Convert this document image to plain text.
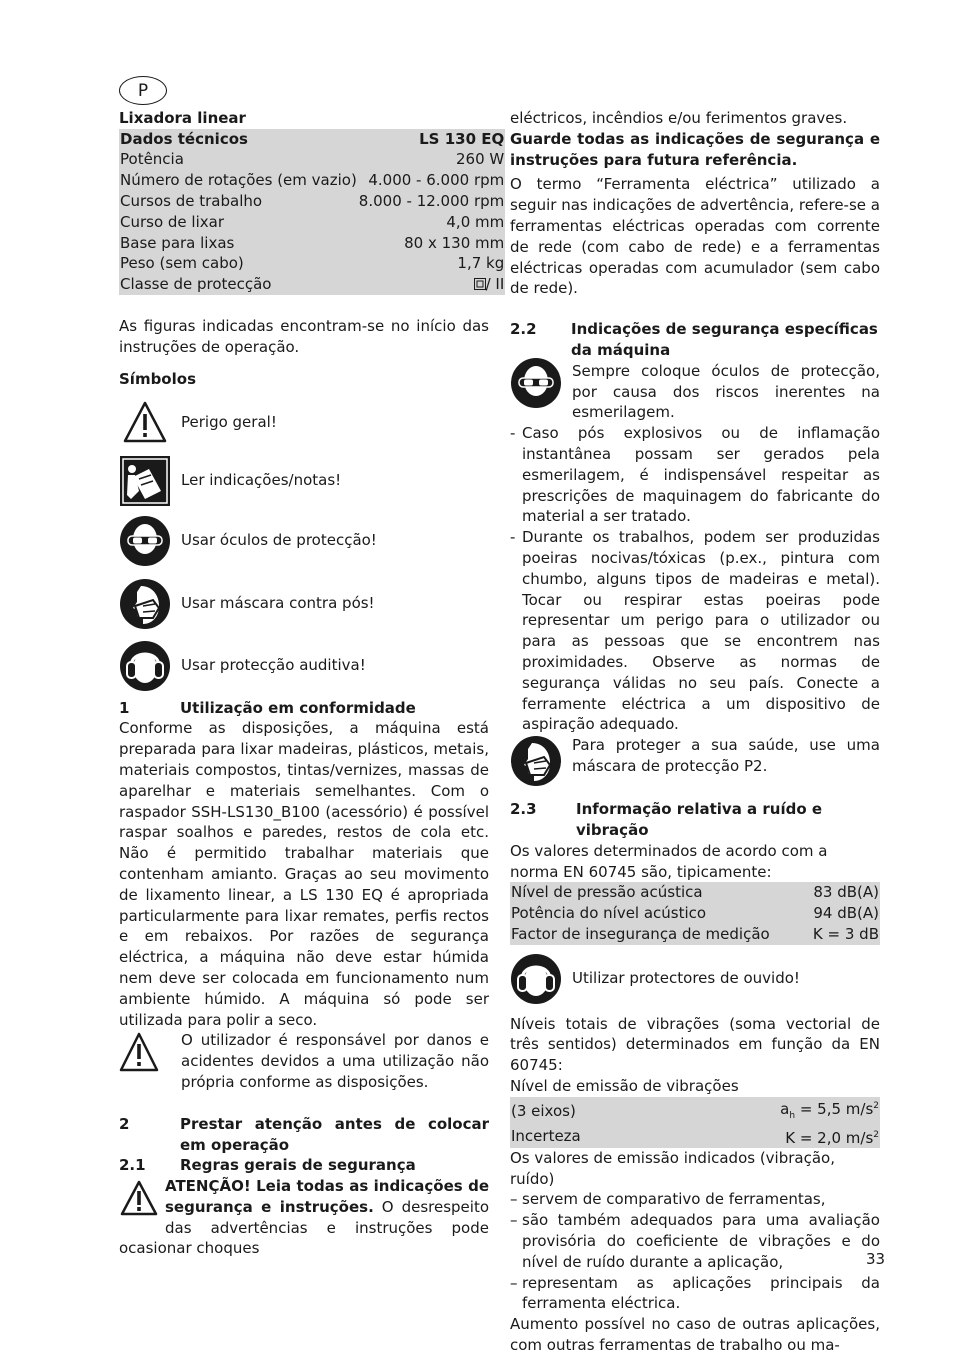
P

Lixadora linear

Dados técnicos	LS 130 EQ
Potência	260 W
Número de rotações (em vazio)	4.000 - 6.000 rpm
Cursos de trabalho	8.000 - 12.000 rpm
Curso de lixar	4,0 mm
Base para lixas	80 x 130 mm
Peso (sem cabo)	1,7 kg
Classe de protecção	/ II

As figuras indicadas encontram-se no início das instruções de operação.

Símbolos

Perigo geral!
Ler indicações/notas!
Usar óculos de protecção!
Usar máscara contra pós!
Usar protecção auditiva!
1	Utilização em conformidade

Conforme as disposições, a máquina está preparada para lixar madeiras, plásticos, metais, materiais compostos, tintas/vernizes, massas de aparelhar e materiais semelhantes. Com o raspador SSH-LS130_B100 (acessório) é possível raspar soalhos e paredes, restos de cola etc. Não é permitido trabalhar materiais que contenham amianto. Graças ao seu movimento de lixamento linear, a LS 130 EQ é apropriada particularmente para lixar remates, perfis rectos e em rebaixos. Por razões de segurança eléctrica, a máquina não deve estar húmida nem deve ser colocada em funcionamento num ambiente húmido. A máquina só pode ser utilizada para polir a seco.

O utilizador é responsável por danos e acidentes devidos a uma utilização não própria conforme as disposições.

2	Prestar atenção antes de colocar em operação
2.1	Regras gerais de segurança

ATENÇÃO! Leia todas as indicações de segurança e instruções. O desrespeito das advertências e instruções pode ocasionar choques

eléctricos, incêndios e/ou ferimentos graves.

Guarde todas as indicações de segurança e instruções para futura referência.

O termo “Ferramenta eléctrica” utilizado a seguir nas indicações de advertência, refere-se a ferramentas eléctricas operadas com corrente de rede (com cabo de rede) e a ferramentas eléctricas operadas com acumulador (sem cabo de rede).

2.2	Indicações de segurança específicas da máquina

Sempre coloque óculos de protecção, por causa dos riscos inerentes na esmerilagem.

- Caso pós explosivos ou de inflamação instantânea possam ser gerados pela esmerilagem, é indispensável respeitar as prescrições de maquinagem do fabricante do material a ser tratado.
- Durante os trabalhos, podem ser produzidas poeiras nocivas/tóxicas (p.ex., pintura com chumbo, alguns tipos de madeiras e metal). Tocar ou respirar estas poeiras pode representar um perigo para o utilizador ou para as pessoas que se encontrem nas proximidades. Observe as normas de segurança válidas no seu país. Conecte a ferramente eléctrica a um dispositivo de aspiração adequado.

Para proteger a sua saúde, use uma máscara de protecção P2.

2.3	Informação relativa a ruído e vibração

Os valores determinados de acordo com a norma EN 60745 são, tipicamente:

Nível de pressão acústica	83 dB(A)
Potência do nível acústico	94 dB(A)
Factor de insegurança de medição	K = 3 dB

Utilizar protectores de ouvido!

Níveis totais de vibrações (soma vectorial de três sentidos) determinados em função da EN 60745:

Nível de emissão de vibrações

(3 eixos)	$a_h = 5,5$ $m/s^2$
Incerteza	K = 2,0 $m/s^2$

Os valores de emissão indicados (vibração, ruído)

– servem de comparativo de ferramentas,
– são também adequados para uma avaliação provisória do coeficiente de vibrações e do nível de ruído durante a aplicação,
– representam as aplicações principais da ferramenta eléctrica.

Aumento possível no caso de outras aplicações, com outras ferramentas de trabalho ou ma-

33
